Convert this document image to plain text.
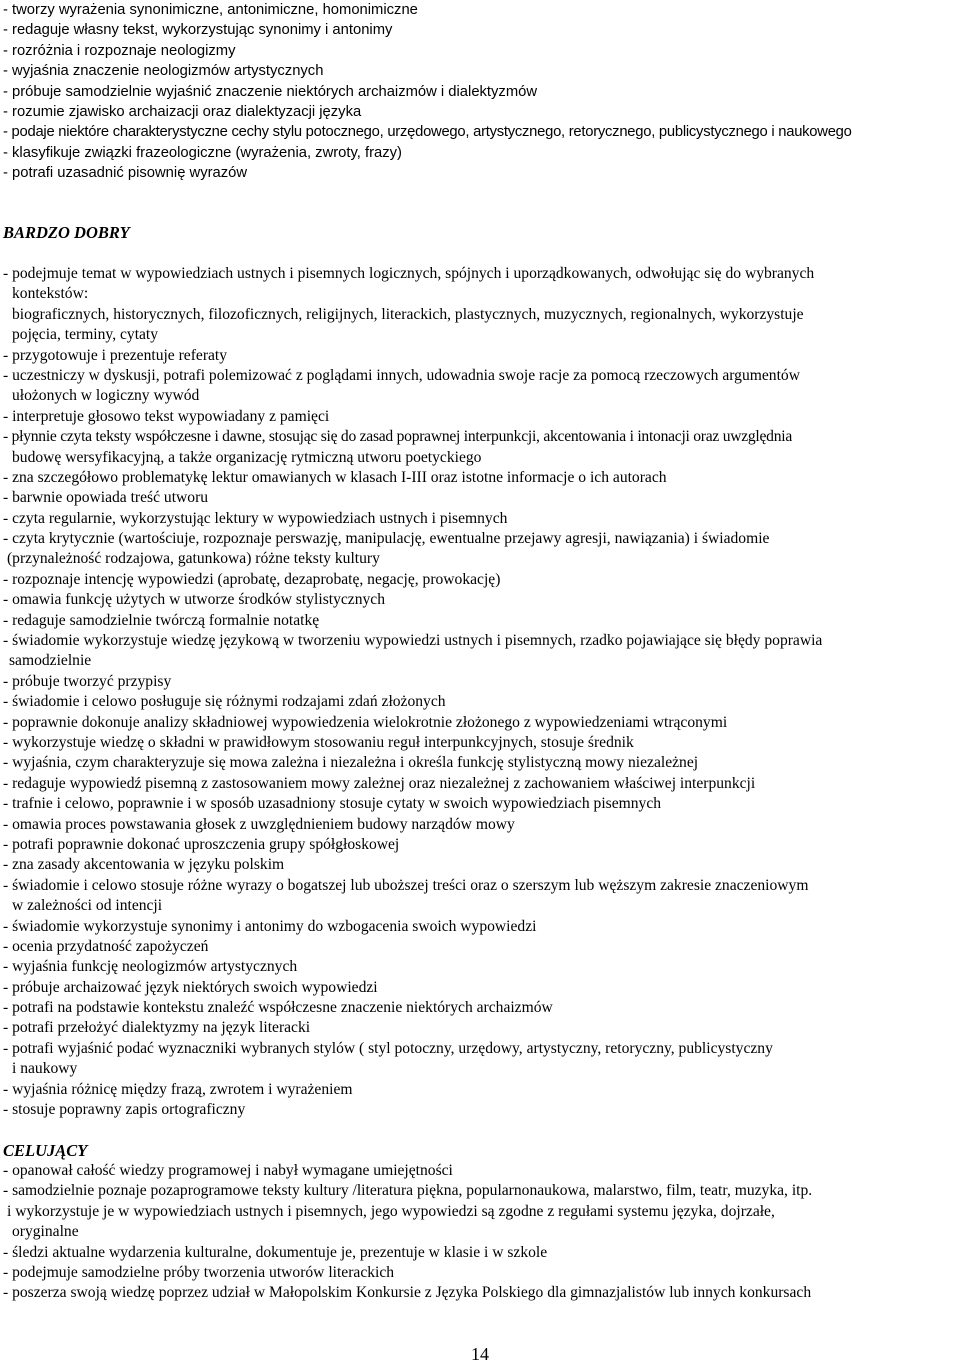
- tworzy wyrażenia synonimiczne, antonimiczne, homonimiczne
- redaguje własny tekst, wykorzystując synonimy i antonimy
- rozróżnia i rozpoznaje neologizmy
- wyjaśnia znaczenie neologizmów artystycznych
- próbuje samodzielnie wyjaśnić znaczenie niektórych archaizmów i dialektyzmów
- rozumie zjawisko archaizacji oraz dialektyzacji języka
- podaje niektóre charakterystyczne cechy stylu potocznego, urzędowego, artystycznego, retorycznego, publicystycznego i naukowego
- klasyfikuje związki frazeologiczne (wyrażenia, zwroty, frazy)
- potrafi uzasadnić pisownię wyrazów
BARDZO DOBRY
- podejmuje temat w wypowiedziach ustnych i pisemnych logicznych, spójnych i uporządkowanych, odwołując się do wybranych
kontekstów:
biograficznych, historycznych, filozoficznych, religijnych, literackich, plastycznych, muzycznych, regionalnych, wykorzystuje
pojęcia, terminy, cytaty
- przygotowuje i prezentuje referaty
- uczestniczy w dyskusji, potrafi polemizować z poglądami innych, udowadnia swoje racje za pomocą rzeczowych argumentów
ułożonych w logiczny wywód
- interpretuje głosowo tekst wypowiadany z pamięci
- płynnie czyta teksty współczesne i dawne, stosując się do zasad poprawnej interpunkcji, akcentowania i intonacji oraz uwzględnia
budowę wersyfikacyjną, a także organizację rytmiczną utworu poetyckiego
- zna szczegółowo problematykę lektur omawianych w klasach I-III oraz istotne informacje o ich autorach
- barwnie opowiada treść utworu
- czyta regularnie, wykorzystując lektury w wypowiedziach ustnych i pisemnych
- czyta krytycznie (wartościuje, rozpoznaje perswazję, manipulację, ewentualne przejawy agresji, nawiązania) i świadomie
(przynależność rodzajowa, gatunkowa) różne teksty kultury
- rozpoznaje intencję wypowiedzi (aprobatę, dezaprobatę, negację, prowokację)
- omawia funkcję użytych w utworze środków stylistycznych
- redaguje samodzielnie twórczą formalnie notatkę
- świadomie wykorzystuje wiedzę językową w tworzeniu wypowiedzi ustnych i pisemnych, rzadko pojawiające się błędy poprawia
samodzielnie
- próbuje tworzyć przypisy
- świadomie i celowo posługuje się różnymi rodzajami zdań złożonych
- poprawnie dokonuje analizy składniowej wypowiedzenia wielokrotnie złożonego z wypowiedzeniami wtrąconymi
- wykorzystuje wiedzę o składni w prawidłowym stosowaniu reguł interpunkcyjnych, stosuje średnik
- wyjaśnia, czym charakteryzuje się mowa zależna i niezależna i określa funkcję stylistyczną mowy niezależnej
- redaguje wypowiedź pisemną z zastosowaniem mowy zależnej oraz niezależnej z zachowaniem właściwej interpunkcji
- trafnie i celowo, poprawnie i w sposób uzasadniony stosuje cytaty w swoich wypowiedziach pisemnych
- omawia proces powstawania głosek z uwzględnieniem budowy narządów mowy
- potrafi poprawnie dokonać uproszczenia grupy spółgłoskowej
- zna zasady akcentowania w języku polskim
- świadomie i celowo stosuje różne wyrazy o bogatszej lub uboższej treści oraz o szerszym lub węższym zakresie znaczeniowym
w zależności od intencji
- świadomie wykorzystuje synonimy i antonimy do wzbogacenia swoich wypowiedzi
- ocenia przydatność zapożyczeń
- wyjaśnia funkcję neologizmów artystycznych
- próbuje archaizować język niektórych swoich wypowiedzi
- potrafi na podstawie kontekstu znaleźć współczesne znaczenie niektórych archaizmów
- potrafi przełożyć dialektyzmy na język literacki
- potrafi wyjaśnić podać wyznaczniki wybranych stylów ( styl potoczny, urzędowy, artystyczny, retoryczny, publicystyczny
i naukowy
- wyjaśnia różnicę między frazą, zwrotem i wyrażeniem
- stosuje poprawny zapis ortograficzny
CELUJĄCY
- opanował całość wiedzy programowej i nabył wymagane umiejętności
- samodzielnie poznaje pozaprogramowe teksty kultury /literatura piękna, popularnonaukowa, malarstwo, film, teatr, muzyka, itp.
i wykorzystuje je w wypowiedziach ustnych i pisemnych, jego wypowiedzi są zgodne z regułami systemu języka, dojrzałe,
oryginalne
- śledzi aktualne wydarzenia kulturalne, dokumentuje je, prezentuje w klasie i w szkole
- podejmuje samodzielne próby tworzenia utworów literackich
- poszerza swoją wiedzę poprzez udział w Małopolskim Konkursie z Języka Polskiego dla gimnazjalistów lub innych konkursach
14
